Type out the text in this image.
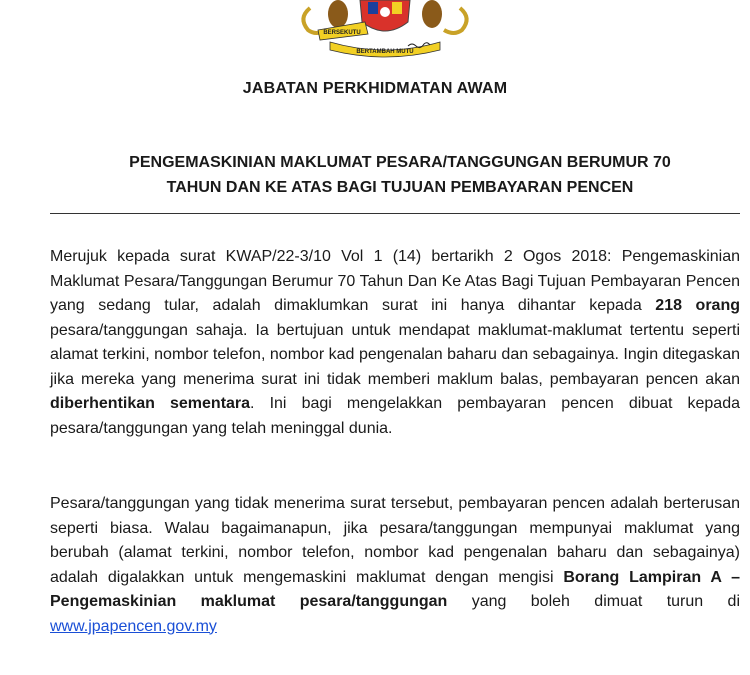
BERSEKUTU
BERTAMBAH MUTU
JABATAN PERKHIDMATAN AWAM
PENGEMASKINIAN MAKLUMAT PESARA/TANGGUNGAN BERUMUR 70
TAHUN DAN KE ATAS BAGI TUJUAN PEMBAYARAN PENCEN
Merujuk kepada surat KWAP/22-3/10 Vol 1 (14) bertarikh 2 Ogos 2018: Pengemaskinian Maklumat Pesara/Tanggungan Berumur 70 Tahun Dan Ke Atas Bagi Tujuan Pembayaran Pencen yang sedang tular, adalah dimaklumkan surat ini hanya dihantar kepada 218 orang pesara/tanggungan sahaja. Ia bertujuan untuk mendapat maklumat-maklumat tertentu seperti alamat terkini, nombor telefon, nombor kad pengenalan baharu dan sebagainya. Ingin ditegaskan jika mereka yang menerima surat ini tidak memberi maklum balas, pembayaran pencen akan diberhentikan sementara. Ini bagi mengelakkan pembayaran pencen dibuat kepada pesara/tanggungan yang telah meninggal dunia.
Pesara/tanggungan yang tidak menerima surat tersebut, pembayaran pencen adalah berterusan seperti biasa. Walau bagaimanapun, jika pesara/tanggungan mempunyai maklumat yang berubah (alamat terkini, nombor telefon, nombor kad pengenalan baharu dan sebagainya) adalah digalakkan untuk mengemaskini maklumat dengan mengisi Borang Lampiran A – Pengemaskinian maklumat pesara/tanggungan yang boleh dimuat turun di www.jpapencen.gov.my
